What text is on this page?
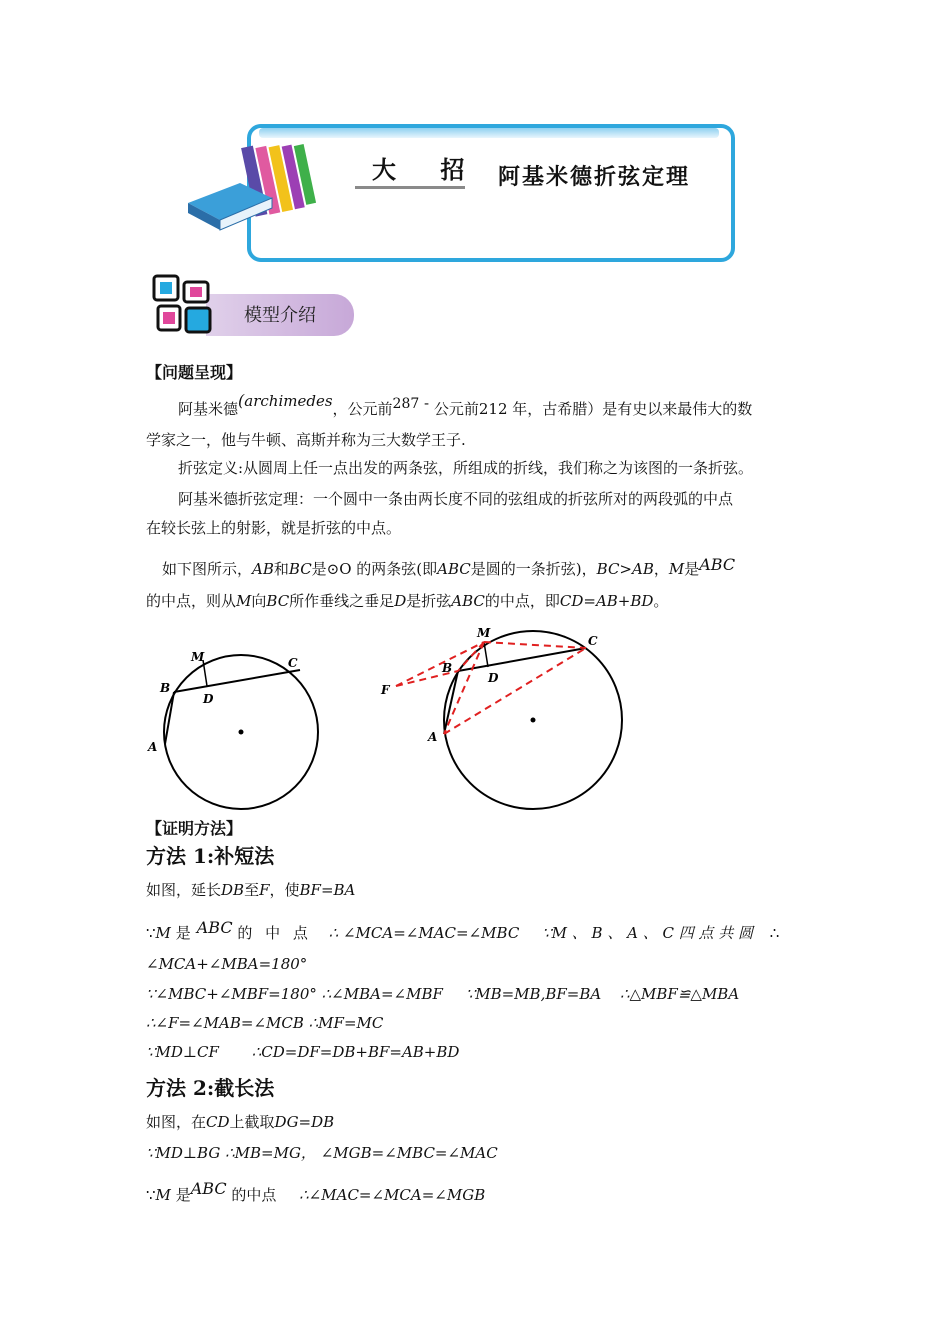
大 招 阿基米德折弦定理
模型介绍
【问题呈现】
阿基米德(archimedes，公元前287 - 公元前212 年，古希腊）是有史以来最伟大的数
学家之一，他与牛顿、高斯并称为三大数学王子.
折弦定义:从圆周上任一点出发的两条弦，所组成的折线，我们称之为该图的一条折弦。
阿基米德折弦定理：一个圆中一条由两长度不同的弦组成的折弦所对的两段弧的中点
在较长弦上的射影，就是折弦的中点。
如下图所示，AB和BC是⊙O 的两条弦(即ABC是圆的一条折弦)，BC>AB，M是ABC
的中点，则从M向BC所作垂线之垂足D是折弦ABC的中点，即CD=AB+BD。
M	C
B
D
A
M
C
B
D
A
F
【证明方法】
方法 1:补短法
如图，延长DB至F，使BF=BA
∵M 是ABC 的 中 点 ∴ ∠MCA=∠MAC=∠MBC ∵M 、 B 、 A 、 C 四 点 共 圆 ∴
∠MCA+∠MBA=180°
∵∠MBC+∠MBF=180° ∴∠MBA=∠MBF ∵MB=MB,BF=BA ∴△MBF≌△MBA
∴∠F=∠MAB=∠MCB ∴MF=MC
∵MD⊥CF ∴CD=DF=DB+BF=AB+BD
方法 2:截长法
如图，在CD上截取DG=DB
∵MD⊥BG ∴MB=MG， ∠MGB=∠MBC=∠MAC
∵M 是ABC 的中点 ∴∠MAC=∠MCA=∠MGB
